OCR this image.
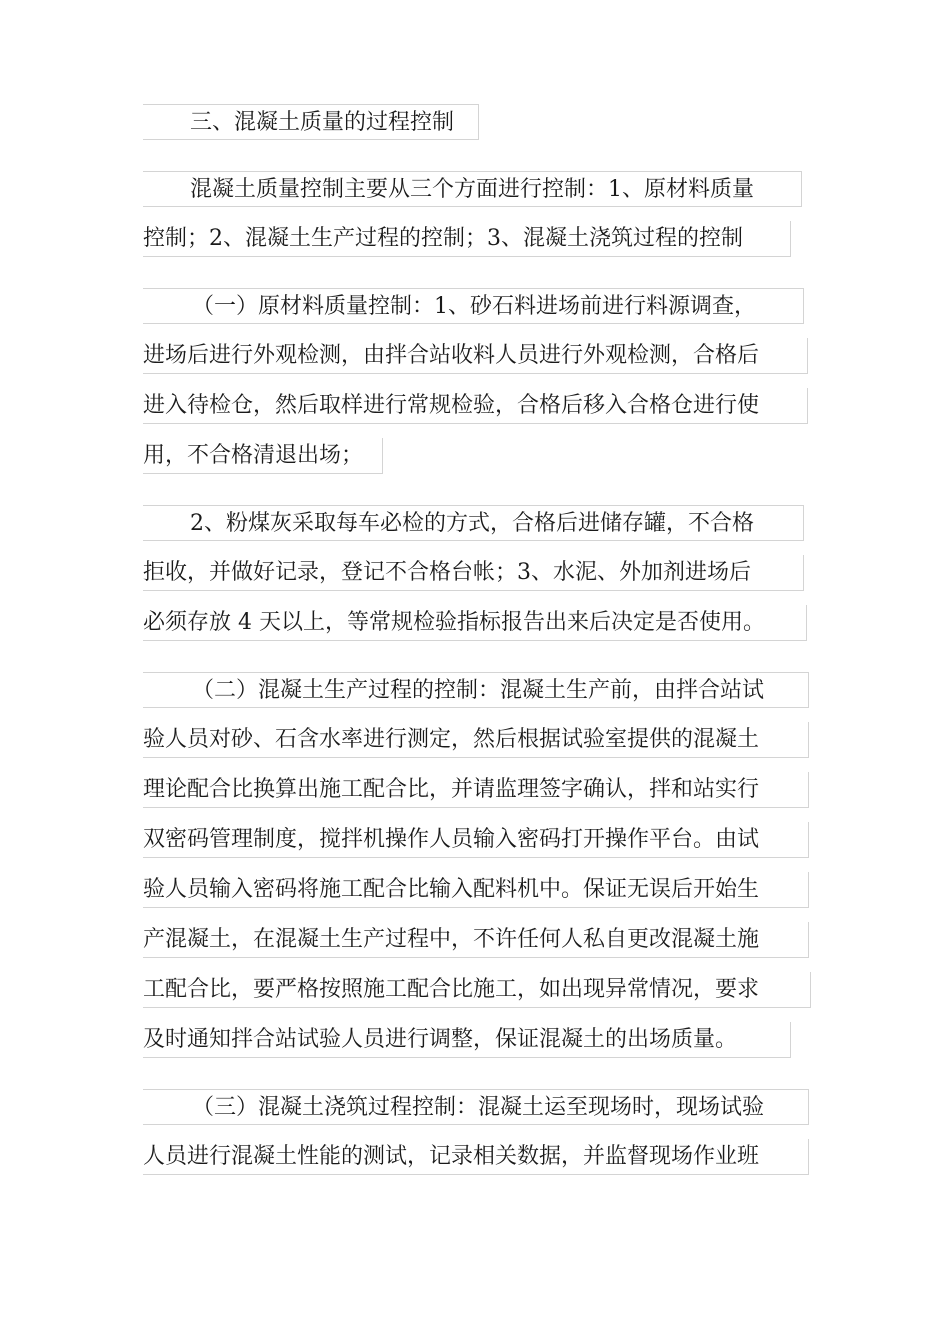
三、混凝土质量的过程控制
混凝土质量控制主要从三个方面进行控制：1、原材料质量
控制；2、混凝土生产过程的控制；3、混凝土浇筑过程的控制
（一）原材料质量控制：1、砂石料进场前进行料源调查，
进场后进行外观检测，由拌合站收料人员进行外观检测，合格后
进入待检仓，然后取样进行常规检验，合格后移入合格仓进行使
用，不合格清退出场；
2、粉煤灰采取每车必检的方式，合格后进储存罐，不合格
拒收，并做好记录，登记不合格台帐；3、水泥、外加剂进场后
必须存放 4 天以上，等常规检验指标报告出来后决定是否使用。
（二）混凝土生产过程的控制：混凝土生产前，由拌合站试
验人员对砂、石含水率进行测定，然后根据试验室提供的混凝土
理论配合比换算出施工配合比，并请监理签字确认，拌和站实行
双密码管理制度，搅拌机操作人员输入密码打开操作平台。由试
验人员输入密码将施工配合比输入配料机中。保证无误后开始生
产混凝土，在混凝土生产过程中，不许任何人私自更改混凝土施
工配合比，要严格按照施工配合比施工，如出现异常情况，要求
及时通知拌合站试验人员进行调整，保证混凝土的出场质量。
（三）混凝土浇筑过程控制：混凝土运至现场时，现场试验
人员进行混凝土性能的测试，记录相关数据，并监督现场作业班
